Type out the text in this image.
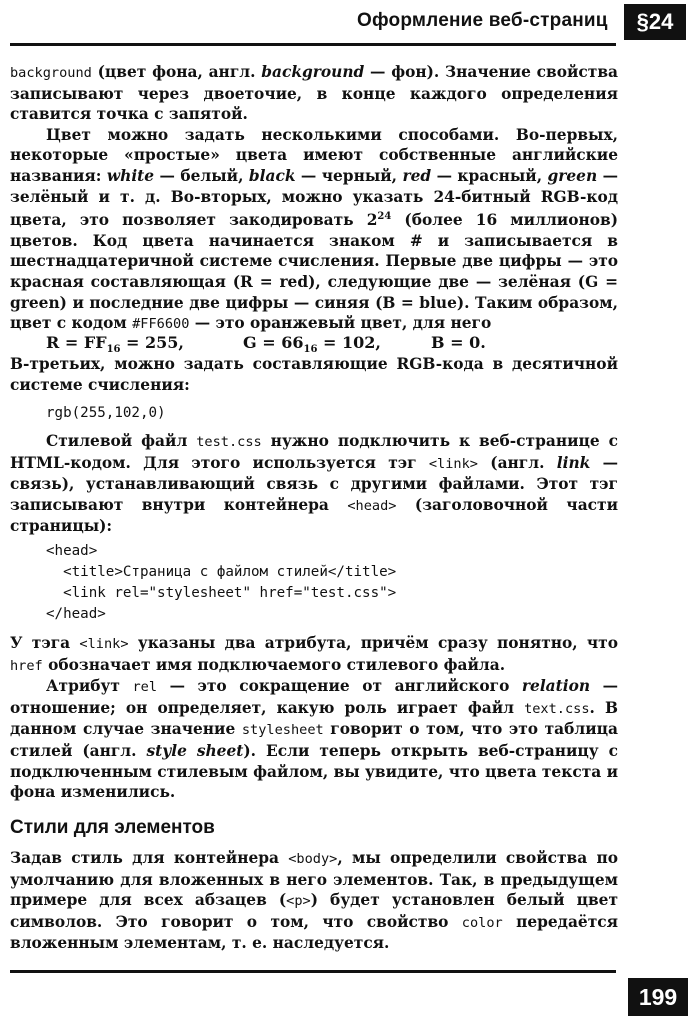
Оформление веб-страниц	§24

background (цвет фона, англ. background — фон). Значение свойства записывают через двоеточие, в конце каждого определения ставится точка с запятой.

Цвет можно задать несколькими способами. Во-первых, некоторые «простые» цвета имеют собственные английские названия: white — белый, black — черный, red — красный, green — зелёный и т. д. Во-вторых, можно указать 24-битный RGB-код цвета, это позволяет закодировать $2^{24}$ (более 16 миллионов) цветов. Код цвета начинается знаком # и записывается в шестнадцатеричной системе счисления. Первые две цифры — это красная составляющая (R = red), следующие две — зелёная (G = green) и последние две цифры — синяя (B = blue). Таким образом, цвет с кодом #FF6600 — это оранжевый цвет, для него

$R = FF_{16} = 255$,	$G = 66_{16} = 102$,	B = 0.

В-третьих, можно задать составляющие RGB-кода в десятичной системе счисления:

rgb(255,102,0)

Стилевой файл test.css нужно подключить к веб-странице с HTML-кодом. Для этого используется тэг <link> (англ. link — связь), устанавливающий связь с другими файлами. Этот тэг записывают внутри контейнера <head> (заголовочной части страницы):

<head>
<title>Страница с файлом стилей</title>
<link rel="stylesheet" href="test.css">
</head>

У тэга <link> указаны два атрибута, причём сразу понятно, что href обозначает имя подключаемого стилевого файла.

Атрибут rel — это сокращение от английского relation — отношение; он определяет, какую роль играет файл text.css. В данном случае значение stylesheet говорит о том, что это таблица стилей (англ. style sheet). Если теперь открыть веб-страницу с подключенным стилевым файлом, вы увидите, что цвета текста и фона изменились.

Стили для элементов

Задав стиль для контейнера <body>, мы определили свойства по умолчанию для вложенных в него элементов. Так, в предыдущем примере для всех абзацев (<p>) будет установлен белый цвет символов. Это говорит о том, что свойство color передаётся вложенным элементам, т. е. наследуется.

199
